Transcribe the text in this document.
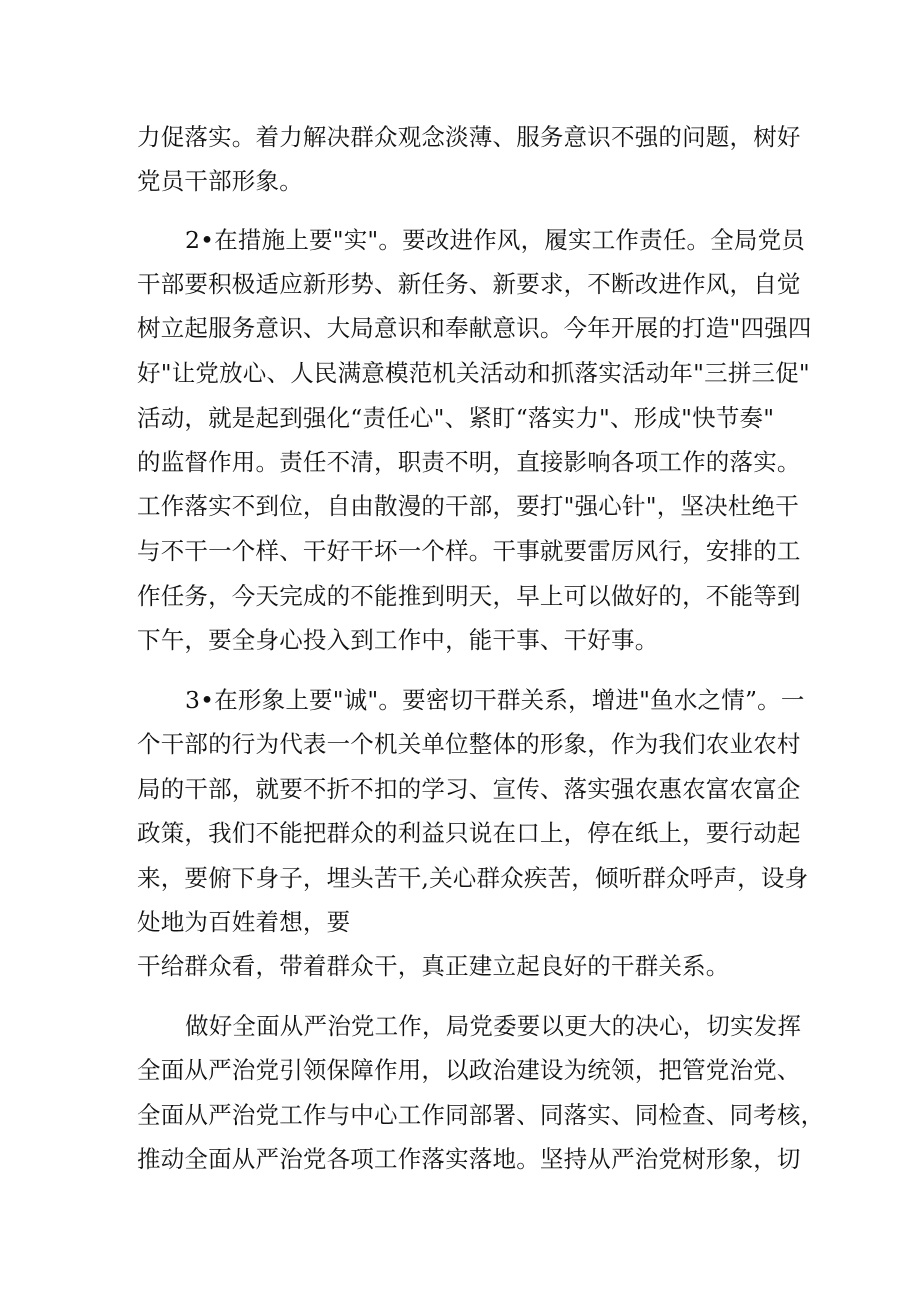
力促落实。着力解决群众观念淡薄、服务意识不强的问题，树好
党员干部形象。
2•在措施上要"实"。要改进作风，履实工作责任。全局党员
干部要积极适应新形势、新任务、新要求，不断改进作风，自觉
树立起服务意识、大局意识和奉献意识。今年开展的打造"四强四
好"让党放心、人民满意模范机关活动和抓落实活动年"三拼三促"
活动，就是起到强化“责任心"、紧盯“落实力"、形成"快节奏"
的监督作用。责任不清，职责不明，直接影响各项工作的落实。
工作落实不到位，自由散漫的干部，要打"强心针"，坚决杜绝干
与不干一个样、干好干坏一个样。干事就要雷厉风行，安排的工
作任务，今天完成的不能推到明天，早上可以做好的，不能等到
下午，要全身心投入到工作中，能干事、干好事。
3•在形象上要"诚"。要密切干群关系，增进"鱼水之情”。一
个干部的行为代表一个机关单位整体的形象，作为我们农业农村
局的干部，就要不折不扣的学习、宣传、落实强农惠农富农富企
政策，我们不能把群众的利益只说在口上，停在纸上，要行动起
来，要俯下身子，埋头苦干,关心群众疾苦，倾听群众呼声，设身
处地为百姓着想，要
干给群众看，带着群众干，真正建立起良好的干群关系。
做好全面从严治党工作，局党委要以更大的决心，切实发挥
全面从严治党引领保障作用，以政治建设为统领，把管党治党、
全面从严治党工作与中心工作同部署、同落实、同检查、同考核，
推动全面从严治党各项工作落实落地。坚持从严治党树形象，切
